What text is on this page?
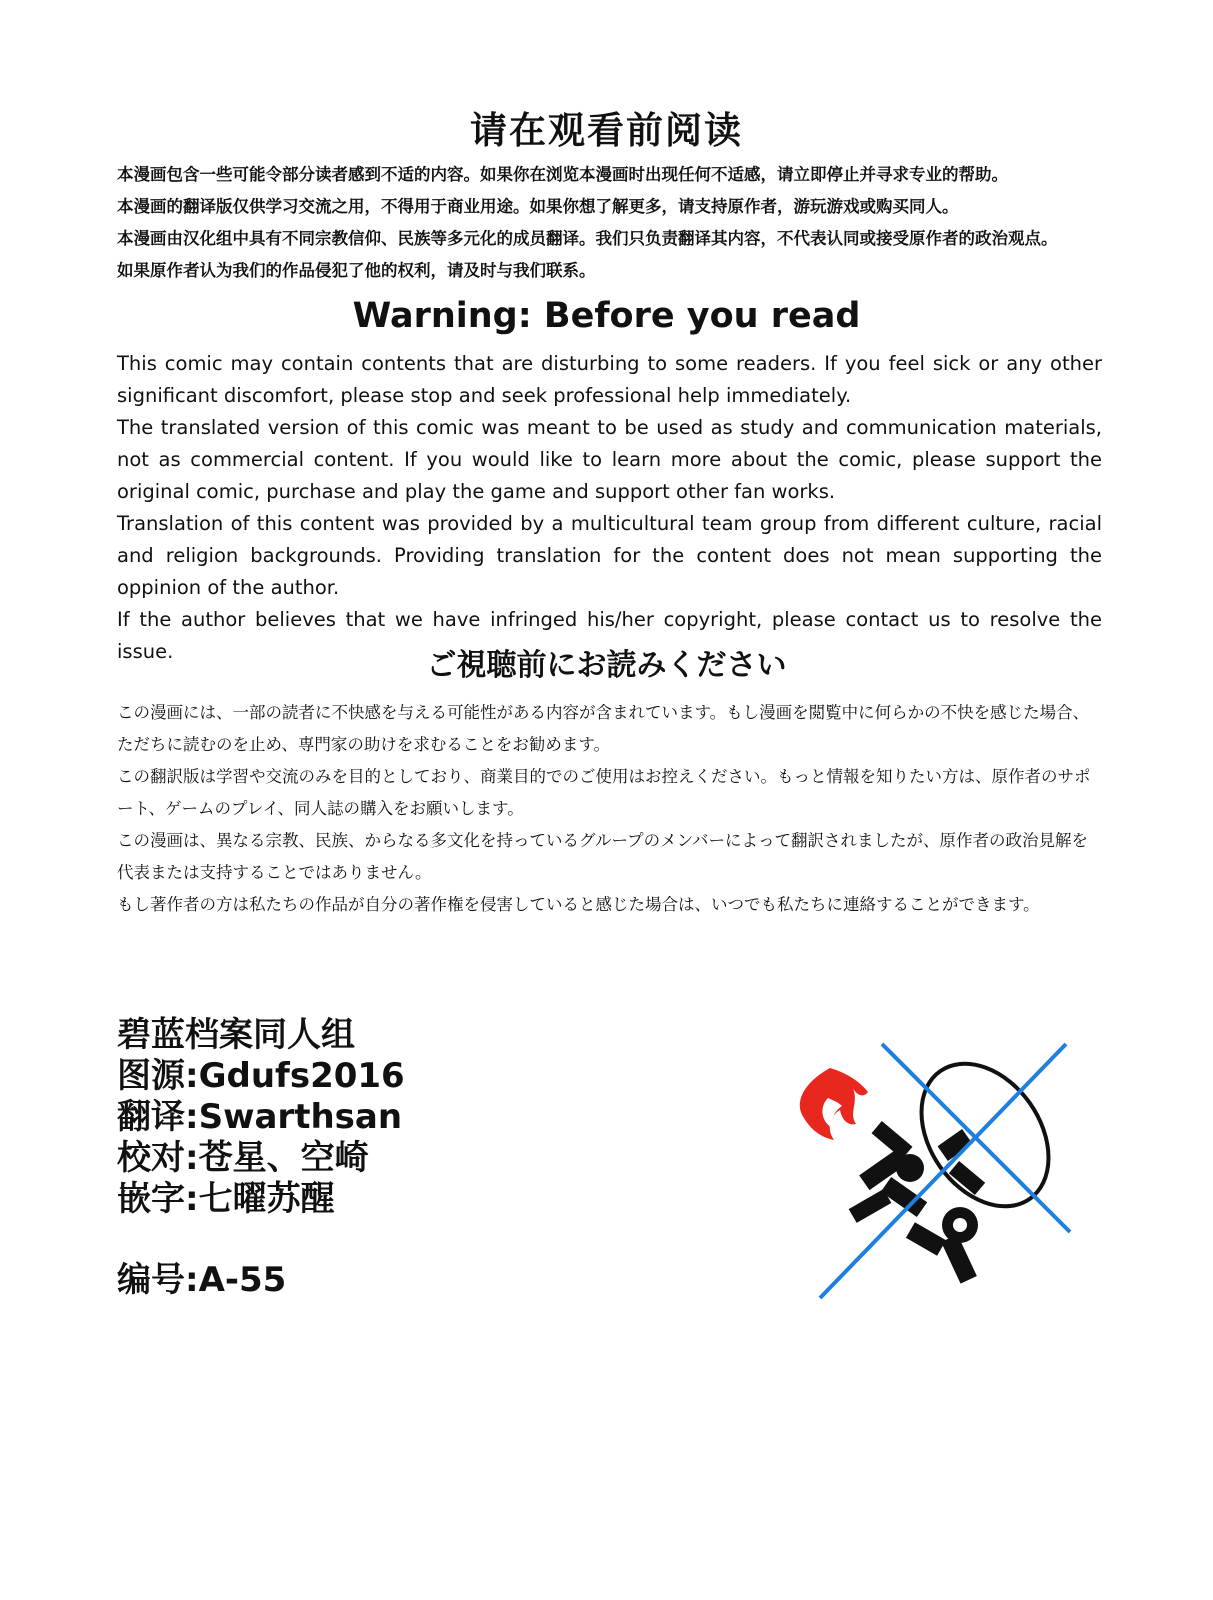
请在观看前阅读

本漫画包含一些可能令部分读者感到不适的内容。如果你在浏览本漫画时出现任何不适感，请立即停止并寻求专业的帮助。

本漫画的翻译版仅供学习交流之用，不得用于商业用途。如果你想了解更多，请支持原作者，游玩游戏或购买同人。

本漫画由汉化组中具有不同宗教信仰、民族等多元化的成员翻译。我们只负责翻译其内容，不代表认同或接受原作者的政治观点。

如果原作者认为我们的作品侵犯了他的权利，请及时与我们联系。

Warning: Before you read

This comic may contain contents that are disturbing to some readers. If you feel sick or any other significant discomfort, please stop and seek professional help immediately.

The translated version of this comic was meant to be used as study and communication materials, not as commercial content. If you would like to learn more about the comic, please support the original comic, purchase and play the game and support other fan works.

Translation of this content was provided by a multicultural team group from different culture, racial and religion backgrounds. Providing translation for the content does not mean supporting the oppinion of the author.

If the author believes that we have infringed his/her copyright, please contact us to resolve the issue.	ご視聴前にお読みください

この漫画には、一部の読者に不快感を与える可能性がある内容が含まれています。もし漫画を閲覧中に何らかの不快を感じた場合、ただちに読むのを止め、専門家の助けを求むることをお勧めます。

この翻訳版は学習や交流のみを目的としており、商業目的でのご使用はお控えください。もっと情報を知りたい方は、原作者のサポート、ゲームのプレイ、同人誌の購入をお願いします。

この漫画は、異なる宗教、民族、からなる多文化を持っているグループのメンバーによって翻訳されましたが、原作者の政治見解を代表または支持することではありません。

もし著作者の方は私たちの作品が自分の著作権を侵害していると感じた場合は、いつでも私たちに連絡することができます。

碧蓝档案同人组
图源:Gdufs2016
翻译:Swarthsan
校对:苍星、空崎
嵌字:七曜苏醒
编号:A-55
